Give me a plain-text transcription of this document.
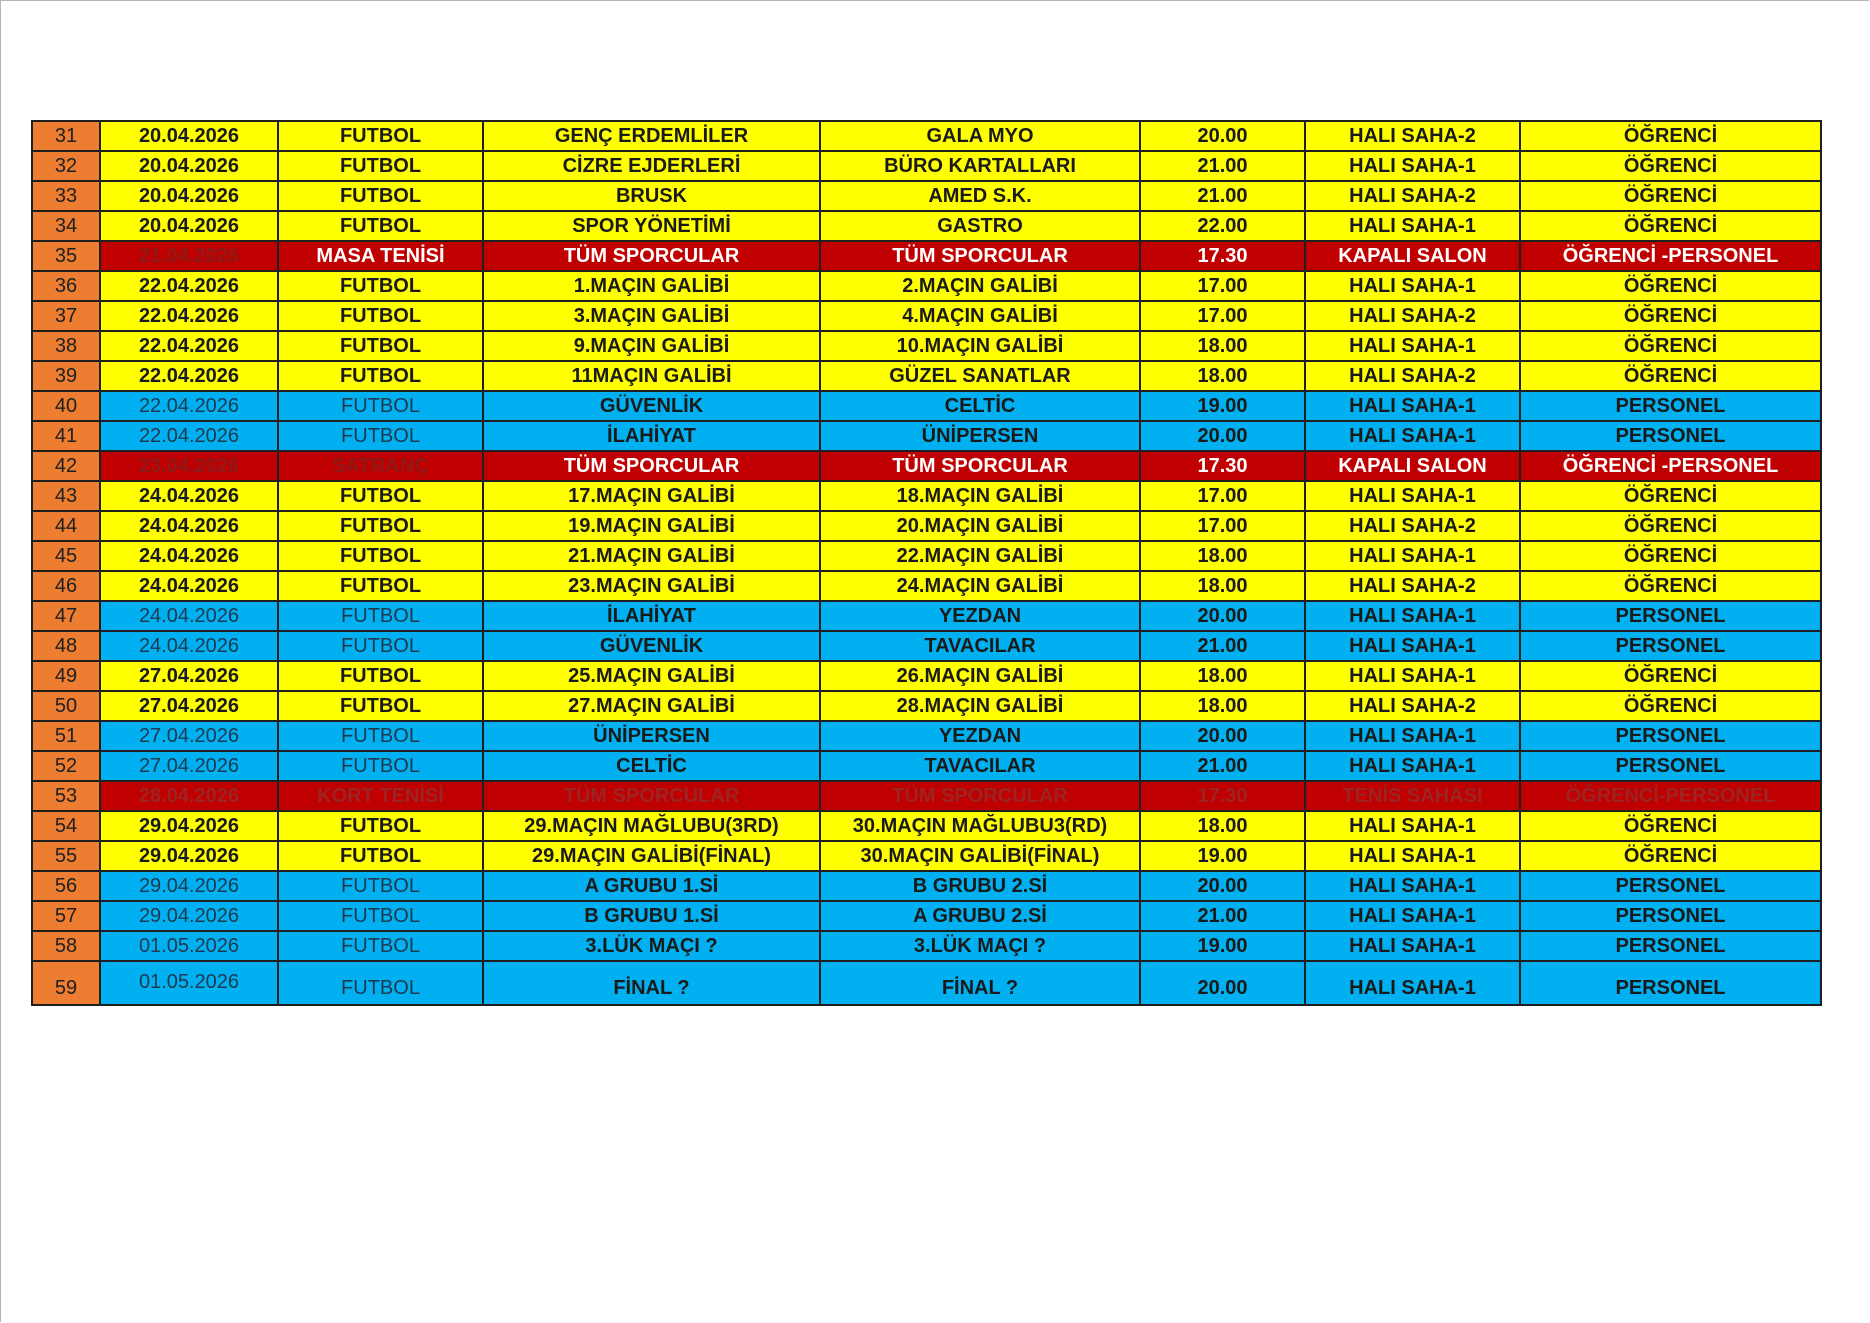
31	20.04.2026	FUTBOL	GENÇ ERDEMLİLER	GALA MYO	20.00	HALI SAHA-2	ÖĞRENCİ
32	20.04.2026	FUTBOL	CİZRE EJDERLERİ	BÜRO KARTALLARI	21.00	HALI SAHA-1	ÖĞRENCİ
33	20.04.2026	FUTBOL	BRUSK	AMED S.K.	21.00	HALI SAHA-2	ÖĞRENCİ
34	20.04.2026	FUTBOL	SPOR YÖNETİMİ	GASTRO	22.00	HALI SAHA-1	ÖĞRENCİ
35	21.04.2026	MASA TENİSİ	TÜM SPORCULAR	TÜM SPORCULAR	17.30	KAPALI SALON	ÖĞRENCİ -PERSONEL
36	22.04.2026	FUTBOL	1.MAÇIN GALİBİ	2.MAÇIN GALİBİ	17.00	HALI SAHA-1	ÖĞRENCİ
37	22.04.2026	FUTBOL	3.MAÇIN GALİBİ	4.MAÇIN GALİBİ	17.00	HALI SAHA-2	ÖĞRENCİ
38	22.04.2026	FUTBOL	9.MAÇIN GALİBİ	10.MAÇIN GALİBİ	18.00	HALI SAHA-1	ÖĞRENCİ
39	22.04.2026	FUTBOL	11MAÇIN GALİBİ	GÜZEL SANATLAR	18.00	HALI SAHA-2	ÖĞRENCİ
40	22.04.2026	FUTBOL	GÜVENLİK	CELTİC	19.00	HALI SAHA-1	PERSONEL
41	22.04.2026	FUTBOL	İLAHİYAT	ÜNİPERSEN	20.00	HALI SAHA-1	PERSONEL
42	23.04.2026	SATRANÇ	TÜM SPORCULAR	TÜM SPORCULAR	17.30	KAPALI SALON	ÖĞRENCİ -PERSONEL
43	24.04.2026	FUTBOL	17.MAÇIN GALİBİ	18.MAÇIN GALİBİ	17.00	HALI SAHA-1	ÖĞRENCİ
44	24.04.2026	FUTBOL	19.MAÇIN GALİBİ	20.MAÇIN GALİBİ	17.00	HALI SAHA-2	ÖĞRENCİ
45	24.04.2026	FUTBOL	21.MAÇIN GALİBİ	22.MAÇIN GALİBİ	18.00	HALI SAHA-1	ÖĞRENCİ
46	24.04.2026	FUTBOL	23.MAÇIN GALİBİ	24.MAÇIN GALİBİ	18.00	HALI SAHA-2	ÖĞRENCİ
47	24.04.2026	FUTBOL	İLAHİYAT	YEZDAN	20.00	HALI SAHA-1	PERSONEL
48	24.04.2026	FUTBOL	GÜVENLİK	TAVACILAR	21.00	HALI SAHA-1	PERSONEL
49	27.04.2026	FUTBOL	25.MAÇIN GALİBİ	26.MAÇIN GALİBİ	18.00	HALI SAHA-1	ÖĞRENCİ
50	27.04.2026	FUTBOL	27.MAÇIN GALİBİ	28.MAÇIN GALİBİ	18.00	HALI SAHA-2	ÖĞRENCİ
51	27.04.2026	FUTBOL	ÜNİPERSEN	YEZDAN	20.00	HALI SAHA-1	PERSONEL
52	27.04.2026	FUTBOL	CELTİC	TAVACILAR	21.00	HALI SAHA-1	PERSONEL
53	28.04.2026	KORT TENİSİ	TÜM SPORCULAR	TÜM SPORCULAR	17.30	TENİS SAHASI	ÖĞRENCİ-PERSONEL
54	29.04.2026	FUTBOL	29.MAÇIN MAĞLUBU(3RD)	30.MAÇIN MAĞLUBU3(RD)	18.00	HALI SAHA-1	ÖĞRENCİ
55	29.04.2026	FUTBOL	29.MAÇIN GALİBİ(FİNAL)	30.MAÇIN GALİBİ(FİNAL)	19.00	HALI SAHA-1	ÖĞRENCİ
56	29.04.2026	FUTBOL	A GRUBU 1.Sİ	B GRUBU 2.Sİ	20.00	HALI SAHA-1	PERSONEL
57	29.04.2026	FUTBOL	B GRUBU 1.Sİ	A GRUBU 2.Sİ	21.00	HALI SAHA-1	PERSONEL
58	01.05.2026	FUTBOL	3.LÜK MAÇI ?	3.LÜK MAÇI ?	19.00	HALI SAHA-1	PERSONEL
59	01.05.2026	FUTBOL	FİNAL ?	FİNAL ?	20.00	HALI SAHA-1	PERSONEL
